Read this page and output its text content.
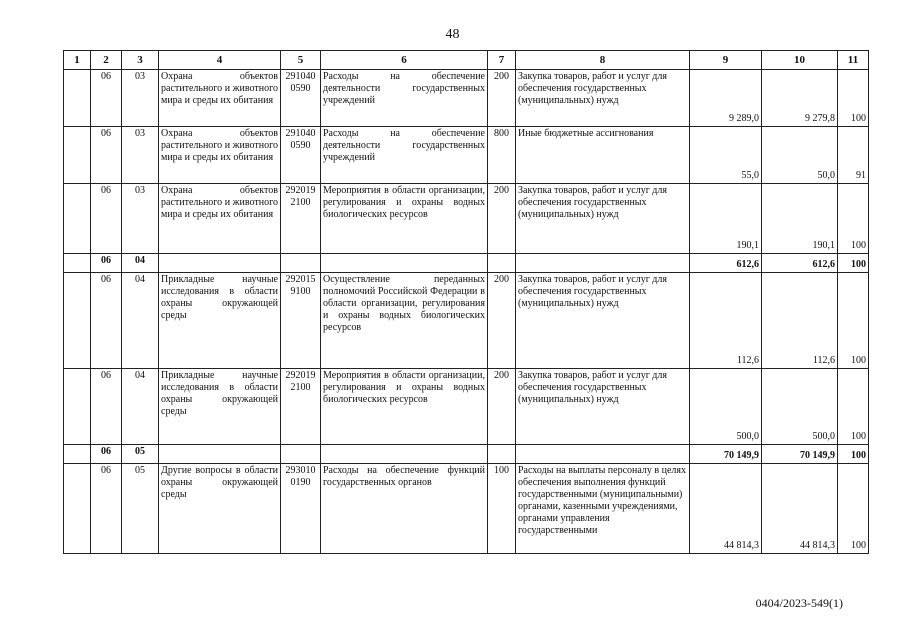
48
1	2	3	4	5	6	7	8	9	10	11
	06	03	Охрана объектов растительного и животного мира и среды их обитания	291040 0590	Расходы на обеспечение деятельности государственных учреждений	200	Закупка товаров, работ и услуг для обеспечения государственных (муниципальных) нужд	9 289,0	9 279,8	100
	06	03	Охрана объектов растительного и животного мира и среды их обитания	291040 0590	Расходы на обеспечение деятельности государственных учреждений	800	Иные бюджетные ассигнования	55,0	50,0	91
	06	03	Охрана объектов растительного и животного мира и среды их обитания	292019 2100	Мероприятия в области организации, регулирования и охраны водных биологических ресурсов	200	Закупка товаров, работ и услуг для обеспечения государственных (муниципальных) нужд	190,1	190,1	100
	06	04						612,6	612,6	100
	06	04	Прикладные научные исследования в области охраны окружающей среды	292015 9100	Осуществление переданных полномочий Российской Федерации в области организации, регулирования и охраны водных биологических ресурсов	200	Закупка товаров, работ и услуг для обеспечения государственных (муниципальных) нужд	112,6	112,6	100
	06	04	Прикладные научные исследования в области охраны окружающей среды	292019 2100	Мероприятия в области организации, регулирования и охраны водных биологических ресурсов	200	Закупка товаров, работ и услуг для обеспечения государственных (муниципальных) нужд	500,0	500,0	100
	06	05						70 149,9	70 149,9	100
	06	05	Другие вопросы в области охраны окружающей среды	293010 0190	Расходы на обеспечение функций государственных органов	100	Расходы на выплаты персоналу в целях обеспечения выполнения функций государственными (муниципальными) органами, казенными учреждениями, органами управления государственными	44 814,3	44 814,3	100
0404/2023-549(1)
